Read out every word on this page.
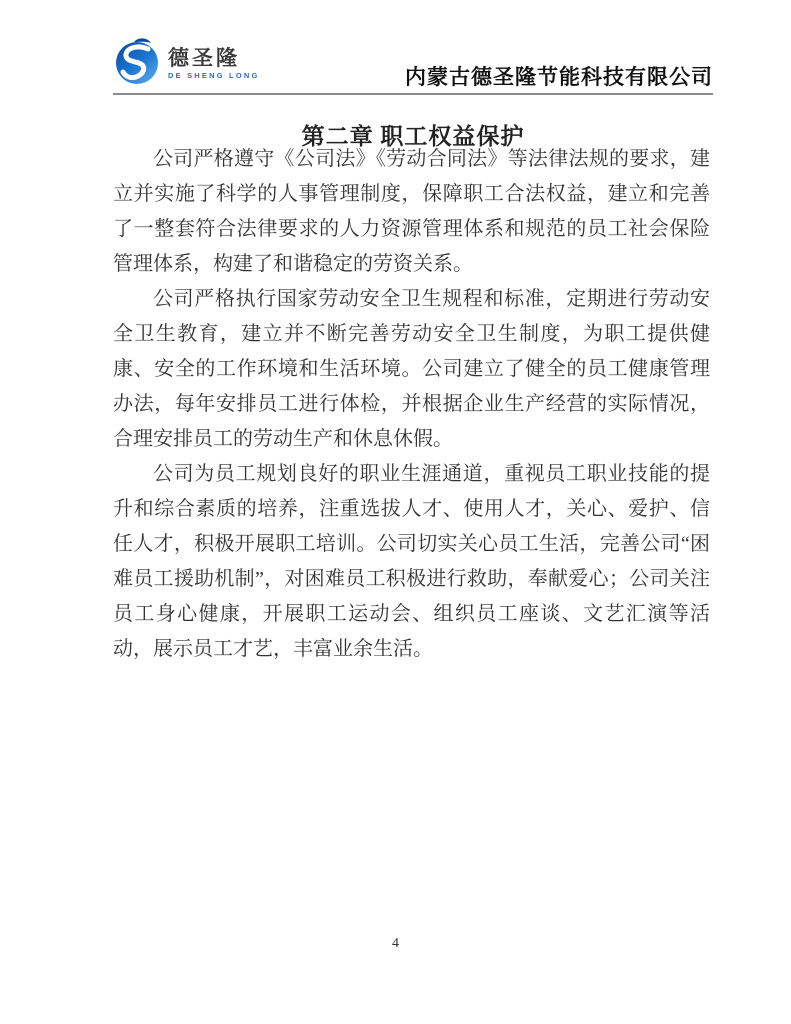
德圣隆
DE SHENG LONG	内蒙古德圣隆节能科技有限公司
第二章 职工权益保护

公司严格遵守《公司法》《劳动合同法》等法律法规的要求，建立并实施了科学的人事管理制度，保障职工合法权益，建立和完善了一整套符合法律要求的人力资源管理体系和规范的员工社会保险管理体系，构建了和谐稳定的劳资关系。

公司严格执行国家劳动安全卫生规程和标准，定期进行劳动安全卫生教育，建立并不断完善劳动安全卫生制度，为职工提供健康、安全的工作环境和生活环境。公司建立了健全的员工健康管理办法，每年安排员工进行体检，并根据企业生产经营的实际情况，合理安排员工的劳动生产和休息休假。

公司为员工规划良好的职业生涯通道，重视员工职业技能的提升和综合素质的培养，注重选拔人才、使用人才，关心、爱护、信任人才，积极开展职工培训。公司切实关心员工生活，完善公司“困难员工援助机制”，对困难员工积极进行救助，奉献爱心；公司关注员工身心健康，开展职工运动会、组织员工座谈、文艺汇演等活动，展示员工才艺，丰富业余生活。

4
